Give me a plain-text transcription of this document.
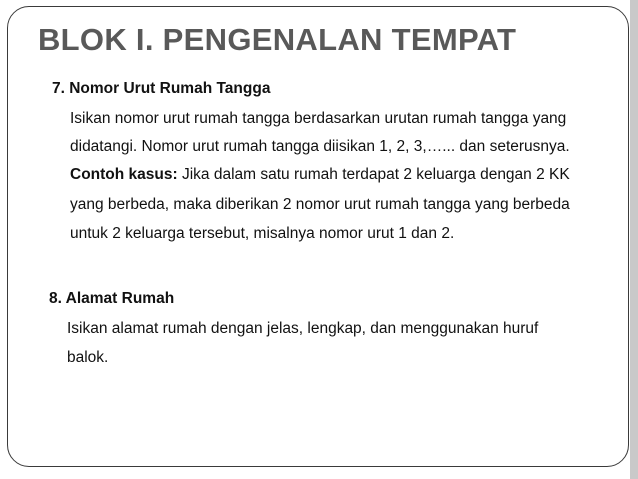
BLOK I. PENGENALAN TEMPAT
7. Nomor Urut Rumah Tangga
Isikan nomor urut rumah tangga berdasarkan urutan rumah tangga yang
didatangi. Nomor urut rumah tangga diisikan 1, 2, 3,…... dan seterusnya.
Contoh kasus: Jika dalam satu rumah terdapat 2 keluarga dengan 2 KK
yang berbeda, maka diberikan 2 nomor urut rumah tangga yang berbeda
untuk 2 keluarga tersebut, misalnya nomor urut 1 dan 2.
8. Alamat Rumah
Isikan alamat rumah dengan jelas, lengkap, dan menggunakan huruf
balok.
